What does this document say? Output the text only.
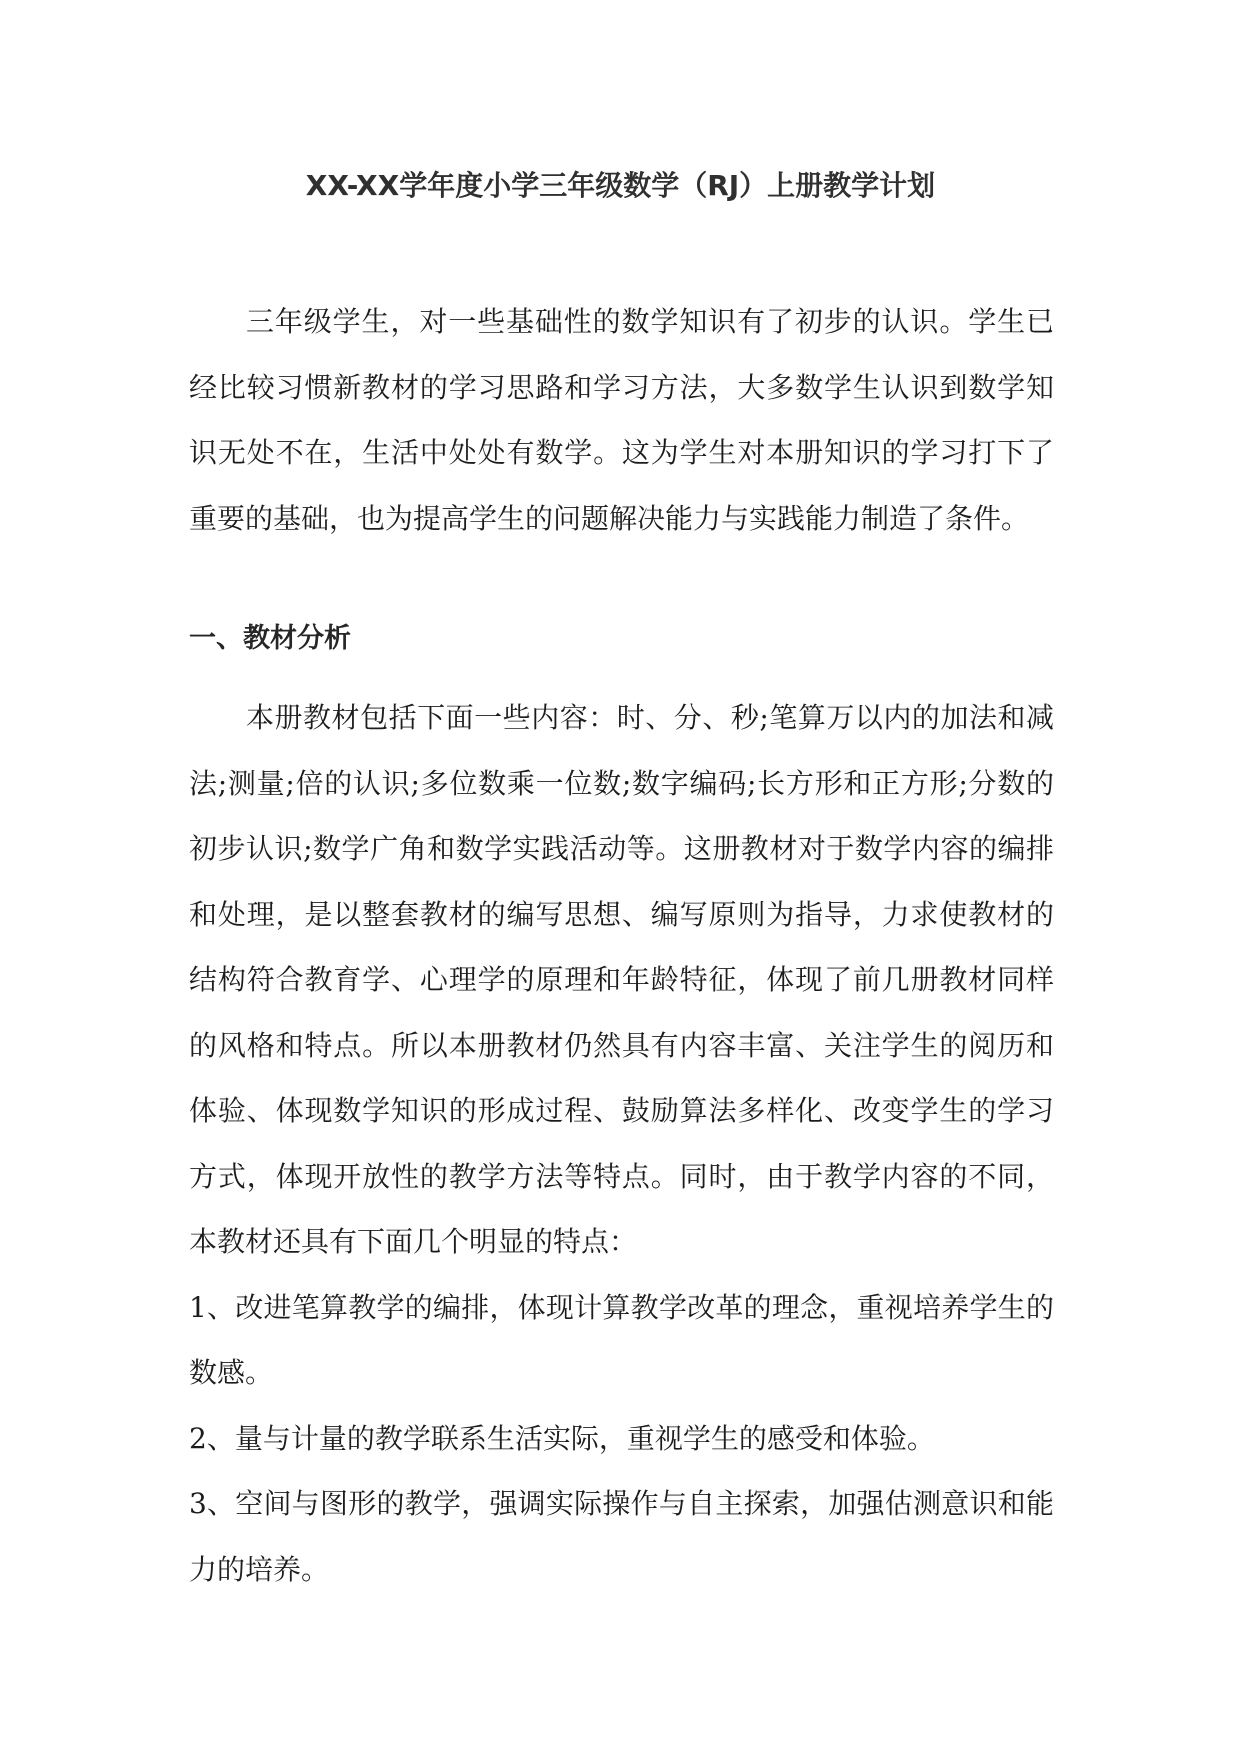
XX-XX学年度小学三年级数学（RJ）上册教学计划

三年级学生，对一些基础性的数学知识有了初步的认识。学生已经比较习惯新教材的学习思路和学习方法，大多数学生认识到数学知识无处不在，生活中处处有数学。这为学生对本册知识的学习打下了重要的基础，也为提高学生的问题解决能力与实践能力制造了条件。

一、教材分析

本册教材包括下面一些内容：时、分、秒;笔算万以内的加法和减法;测量;倍的认识;多位数乘一位数;数字编码;长方形和正方形;分数的初步认识;数学广角和数学实践活动等。这册教材对于数学内容的编排和处理，是以整套教材的编写思想、编写原则为指导，力求使教材的结构符合教育学、心理学的原理和年龄特征，体现了前几册教材同样的风格和特点。所以本册教材仍然具有内容丰富、关注学生的阅历和体验、体现数学知识的形成过程、鼓励算法多样化、改变学生的学习方式，体现开放性的教学方法等特点。同时，由于教学内容的不同，本教材还具有下面几个明显的特点：

1、改进笔算教学的编排，体现计算教学改革的理念，重视培养学生的数感。

2、量与计量的教学联系生活实际，重视学生的感受和体验。

3、空间与图形的教学，强调实际操作与自主探索，加强估测意识和能力的培养。
